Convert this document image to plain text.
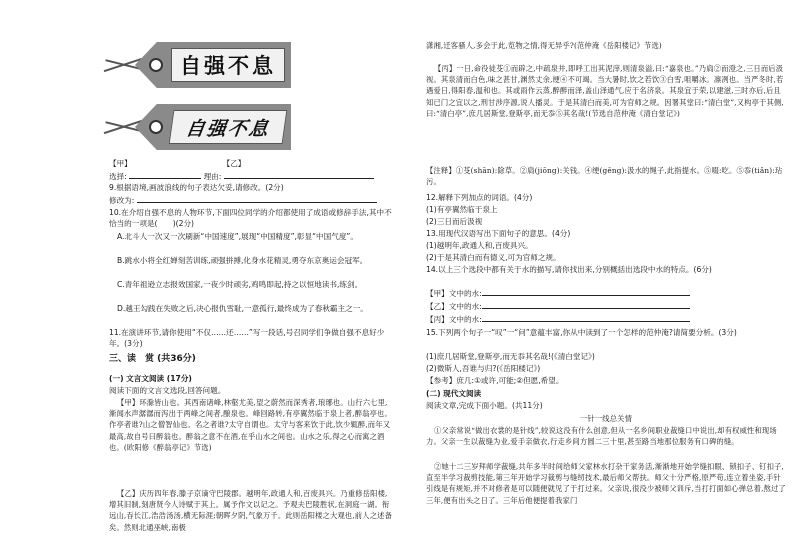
自强不息
自强不息
【甲】	【乙】
选择:	理由:
9.根据语境,画波浪线的句子表达欠妥,请修改。(2分)
修改为:
10.在介绍自强不息的人物环节,下面四位同学的介绍都使用了成语或修辞手法,其中不恰当的一项是(　　)(2分)
A.北斗人一次又一次刷新“中国速度”,展现“中国精度”,彰显“中国气度”。
B.跳水小将全红婵刻苦训练,顽强拼搏,化身水花精灵,勇夺东京奥运会冠军。
C.青年祖逊立志报效国家,一夜少时顽劣,鸡鸣即起,持之以恒地读书,练剑。
D.越王勾践在失败之后,决心报仇雪耻,一意孤行,最终成为了春秋霸主之一。
11.在演讲环节,请你使用“不仅……还……”写一段话,号召同学们争做自强不息好少年。(3分)
三、读　赏 (共36分)
(一) 文言文阅读 (17分)
阅读下面的文言文选段,回答问题。
【甲】环滁皆山也。其西南诸峰,林壑尤美,望之蔚然而深秀者,琅琊也。山行六七里,渐闻水声潺潺而泻出于两峰之间者,酿泉也。峰回路转,有亭翼然临于泉上者,醉翁亭也。作亭者谁?山之僧智仙也。名之者谁?太守自谓也。太守与客来饮于此,饮少辄醉,而年又最高,故自号曰醉翁也。醉翁之意不在酒,在乎山水之间也。山水之乐,得之心而寓之酒也。(欧阳修《醉翁亭记》节选)
【乙】庆历四年春,滕子京谪守巴陵郡。越明年,政通人和,百废具兴。乃重修岳阳楼,增其旧制,刻唐贤今人诗赋于其上。属予作文以记之。予观夫巴陵胜状,在洞庭一湖。衔远山,吞长江,浩浩汤汤,横无际涯;朝晖夕阴,气象万千。此则岳阳楼之大观也,前人之述备矣。然则北通巫峡,南极
潇湘,迁客骚人,多会于此,览物之情,得无异乎?(范仲淹《岳阳楼记》节选)
【丙】一日,命役徒芟①而辟之,中疏泉井,即呼工出其泥滓,则清泉溢,曰:“嘉泉也。”乃扃②而澄之,三日而后汲视。其泉清而白色,味之甚甘,渊然丈余,绠④不可竭。当大暑时,饮之若饮③白雪,咀嚼冰。凛冽也。当严冬时,若遇爱日,得阳春,温和也。其或雨作云蒸,醉醉而泽,盖山泽通气,应于名济泉。其泉宜于荣,以建滋,三时亦后,后且知已门之宜以之,刑甘涉序源,说人播灵。于是其清白而美,可为官师之规。因署其堂曰:“清白堂”,又构亭于其侧,曰:“清白亭”,庶几居斯堂,登斯亭,而无忝⑤其名哉!(节选自范仲淹《清白堂记》)
【注释】①芟(shān):除草。②扃(jiōng):关钱。④绠(gěng):汲水的绳子,此指提水。⑤啜:吃。⑤忝(tiǎn):玷污。
12.解释下列加点的词语。(4分)
(1)有亭翼然临于泉上
(2)三日而后汲视
13.用现代汉语写出下面句子的意思。(4分)
(1)越明年,政通人和,百废具兴。
(2)于是其清白而有德义,可为官师之规。
14.以上三个选段中都有关于水的描写,请你找出来,分别概括出选段中水的特点。(6分)
【甲】文中的水:
【乙】文中的水:
【丙】文中的水:
15.下列两个句子一“叹”一“问”意蕴丰富,你从中读到了一个怎样的范仲淹?请简要分析。(3分)
(1)庶几居斯堂,登斯亭,而无忝其名哉!(《清白堂记》)
(2)微斯人,吾谁与归?(《岳阳楼记》)
【参考】庶几:①或许,可能;②但愿,希望。
(二) 现代文阅读
阅读文章,完成下面小题。(共11分)
一针一线总关情
①父亲常说“做出衣裳的是针线”,较说这没有什么创意,但从一名乡间职业裁缝口中说出,却有权威性和现场力。父亲一生以裁缝为业,爱手亲做衣,行走乡间方圆二三十里,甚至路当地那位服务有口碑的缝。
②她十二三岁拜师学裁缝,共年多半时间给师父家林水打杂干家务活,渐渐地开始学缝扣眼、锁扣子、钉扣子,直至半学习裁剪技能,第三年开始学习裁剪与缝纫技术,最后师父帮扶。师父十分严格,原严苟,连立着坐姿,手针引线是有规矩,并不对修者是可以随便就见了于打过来。父亲说,很没少被师父训斥,当打打面如心弹总着,熬过了三年,便有出头之日了。三年后他便提着我家门
